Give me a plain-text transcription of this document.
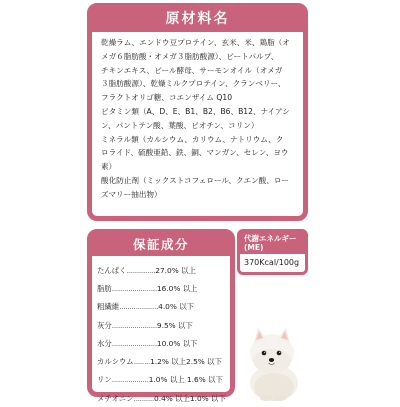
原材料名
乾燥ラム、エンドウ豆プロテイン、玄米、米、鶏脂（オ
メガ６脂肪酸・オメガ３脂肪酸源）、ビートパルプ、
チキンエキス、ビール酵母、サーモンオイル（オメガ
３脂肪酸源）、乾燥ミルクプロテイン、クランベリー、
フラクトオリゴ糖、コエンザイム Q10
ビタミン類（A、D、E、B1、B2、B6、B12、ナイアシ
ン、パントテン酸、葉酸、ビオチン、コリン）
ミネラル類（カルシウム、カリウム、ナトリウム、ク
ロライド、硫酸亜鉛、鉄、銅、マンガン、セレン、ヨウ素）
酸化防止剤（ミックストコフェロール、クエン酸、ロー
ズマリー抽出物）
保証成分
たんぱく .............. 27.0% 以上
脂肪 ...................... 16.0% 以上
粗繊維 ................... 4.0% 以下
灰分 ...................... 9.5% 以下
水分 ...................... 10.0% 以下
カルシウム ........ 1.2% 以上2.5% 以下
リン .................. 1.0% 以上 1.6% 以下
メチオニン .......... 0.4% 以上1.0% 以下
代謝エネルギー
(ME)
370Kcal/100g
